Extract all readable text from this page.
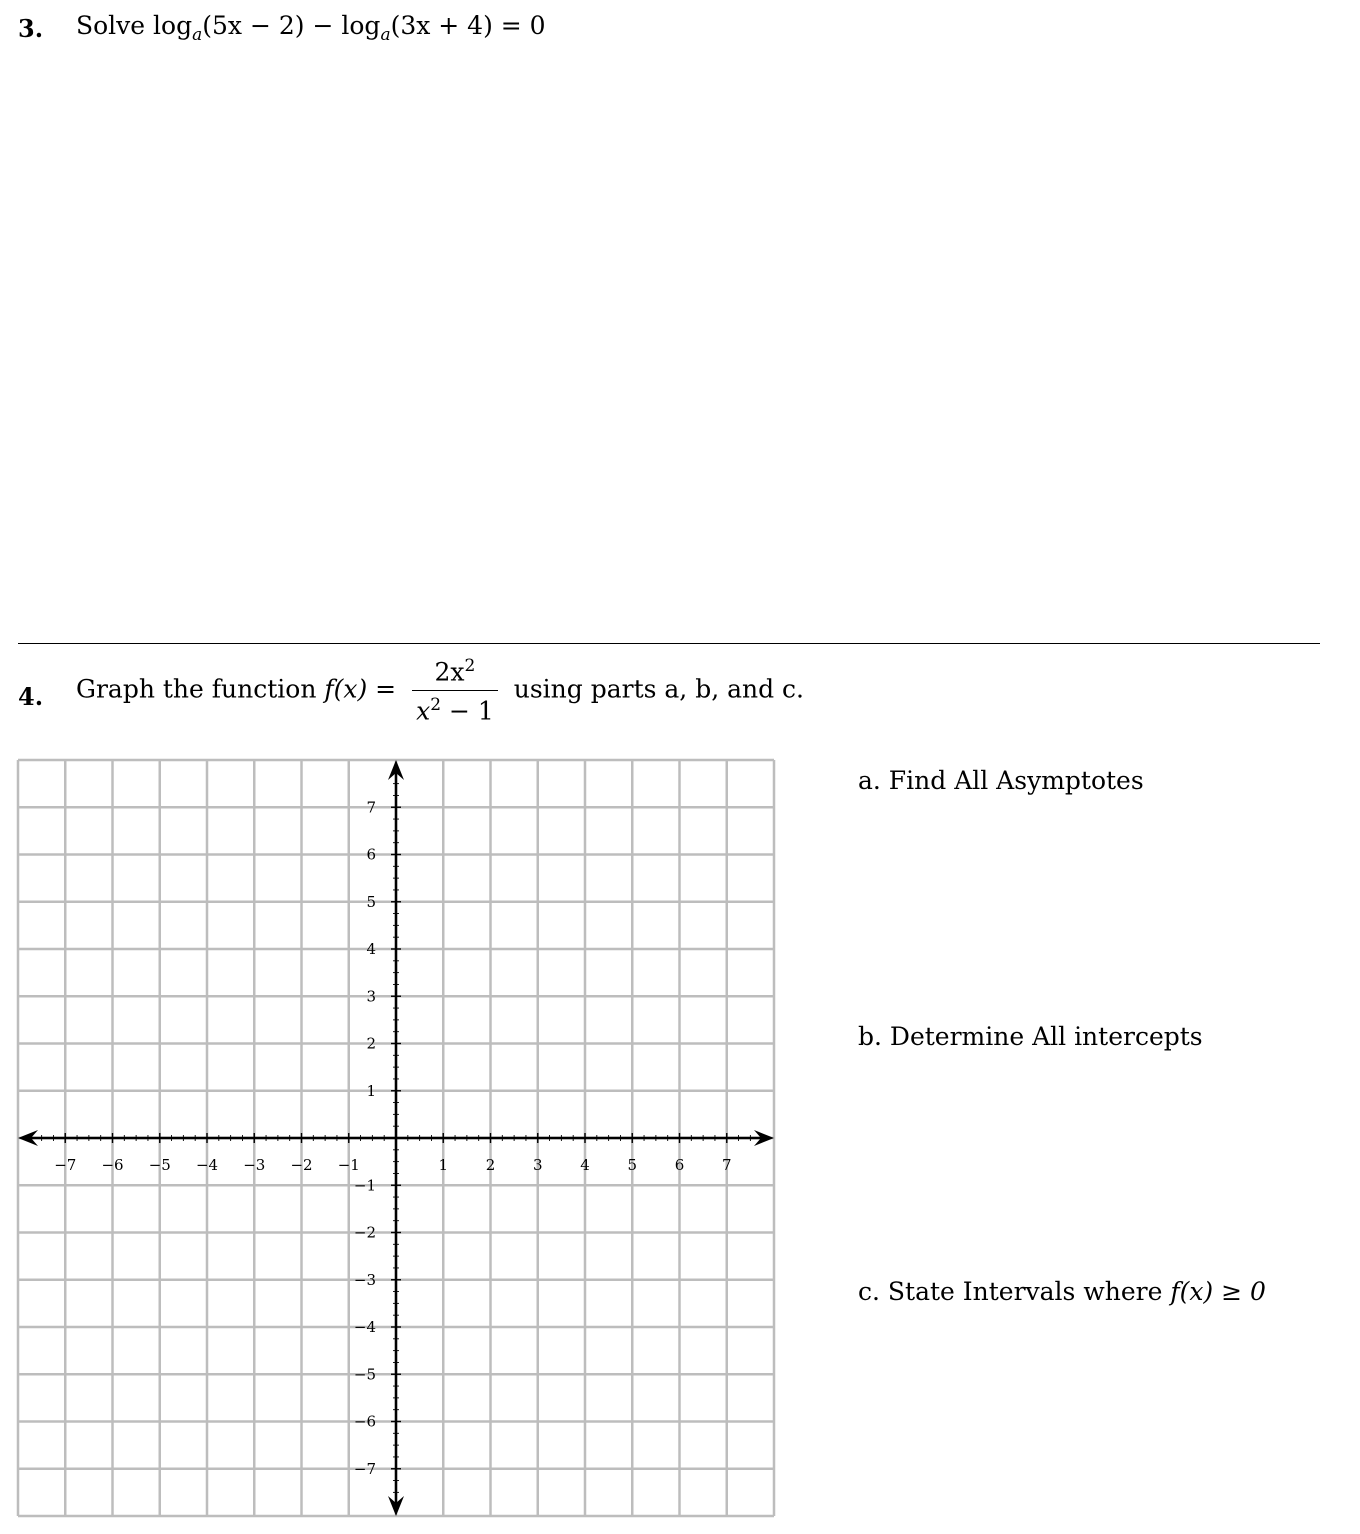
3. Solve $\log_a(5x - 2) - \log_a(3x + 4) = 0$
4. Graph the function $f(x) = \frac{2x^2}{x^2 - 1}$ using parts a, b, and c.
−7 −6 −5 −4 −3 −2 −1	1	2	3	4	5	6	7
7
6
5
4
3
2
1
−1
−2
−3
−4
−5
−6
−7
a. Find All Asymptotes
b. Determine All intercepts
c. State Intervals where f(x) ≥ 0
